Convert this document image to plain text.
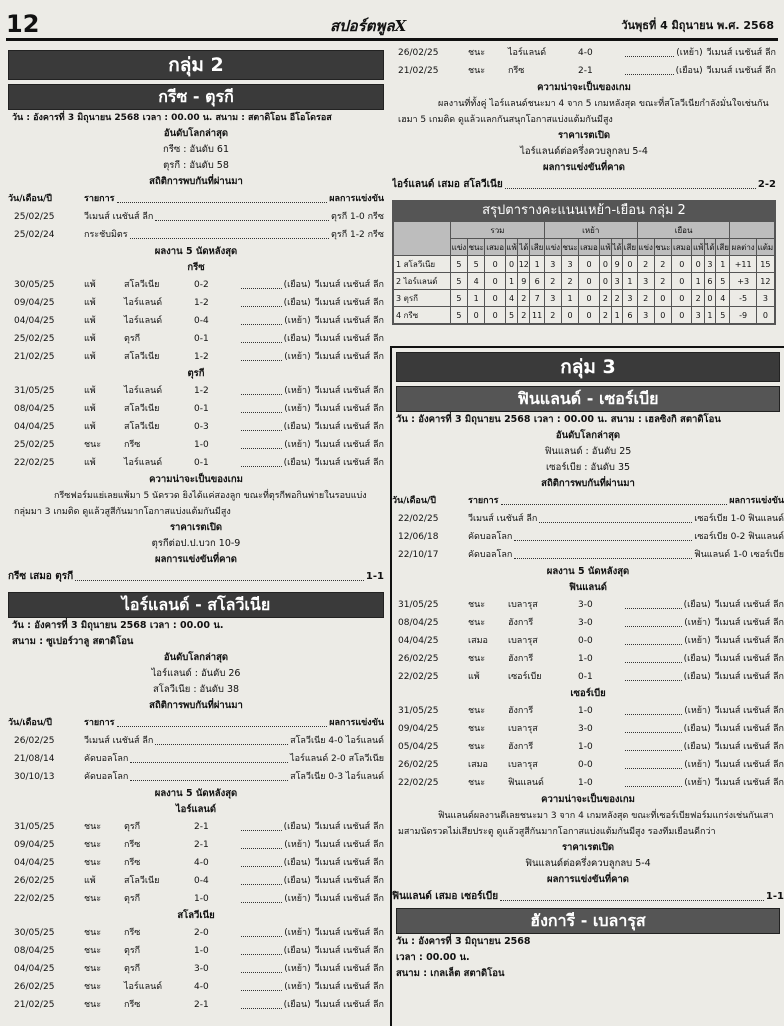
12	สปอร์ตพูลX	วันพุธที่ 4 มิถุนายน พ.ศ. 2568
กลุ่ม 2
กรีซ - ตุรกี
วัน : อังคารที่ 3 มิถุนายน 2568 เวลา : 00.00 น. สนาม : สตาดิโอน อีโอโดรอส
อันดับโลกล่าสุด
กรีซ : อันดับ 61
ตุรกี : อันดับ 58
สถิติการพบกันที่ผ่านมา
วัน/เดือน/ปี	รายการ	ผลการแข่งขัน
25/02/25	วีเมนส์ เนชันส์ ลีก	ตุรกี 1-0 กรีซ
25/02/24	กระชับมิตร	ตุรกี 1-2 กรีซ
ผลงาน 5 นัดหลังสุด
กรีซ
30/05/25	แพ้	สโลวีเนีย	0-2	(เยือน) วีเมนส์ เนชันส์ ลีก
09/04/25	แพ้	ไอร์แลนด์	1-2	(เยือน) วีเมนส์ เนชันส์ ลีก
04/04/25	แพ้	ไอร์แลนด์	0-4	(เหย้า) วีเมนส์ เนชันส์ ลีก
25/02/25	แพ้	ตุรกี	0-1	(เยือน) วีเมนส์ เนชันส์ ลีก
21/02/25	แพ้	สโลวีเนีย	1-2	(เหย้า) วีเมนส์ เนชันส์ ลีก
ตุรกี
31/05/25	แพ้	ไอร์แลนด์	1-2	(เหย้า) วีเมนส์ เนชันส์ ลีก
08/04/25	แพ้	สโลวีเนีย	0-1	(เหย้า) วีเมนส์ เนชันส์ ลีก
04/04/25	แพ้	สโลวีเนีย	0-3	(เยือน) วีเมนส์ เนชันส์ ลีก
25/02/25	ชนะ	กรีซ	1-0	(เหย้า) วีเมนส์ เนชันส์ ลีก
22/02/25	แพ้	ไอร์แลนด์	0-1	(เยือน) วีเมนส์ เนชันส์ ลีก
ความน่าจะเป็นของเกม
กรีซฟอร์มแย่เลยแพ้มา 5 นัดรวด ยิงได้แค่สองลูก ขณะที่ตุรกีพอกินพ่ายในรอบแบ่งกลุ่มมา 3 เกมติด ดูแล้วสูสีกันมากโอกาสแบ่งแต้มกันมีสูง
ราคาเรตเปิด
ตุรกีต่อป.ป.บวก 10-9
ผลการแข่งขันที่คาด
กรีซ เสมอ ตุรกี	1-1
ไอร์แลนด์ - สโลวีเนีย
วัน : อังคารที่ 3 มิถุนายน 2568 เวลา : 00.00 น.
สนาม : ซูเปอร์วาลู สตาดิโอน
อันดับโลกล่าสุด
ไอร์แลนด์ : อันดับ 26
สโลวีเนีย : อันดับ 38
สถิติการพบกันที่ผ่านมา
วัน/เดือน/ปี	รายการ	ผลการแข่งขัน
26/02/25	วีเมนส์ เนชันส์ ลีก	สโลวีเนีย 4-0 ไอร์แลนด์
21/08/14	คัดบอลโลก	ไอร์แลนด์ 2-0 สโลวีเนีย
30/10/13	คัดบอลโลก	สโลวีเนีย 0-3 ไอร์แลนด์
ผลงาน 5 นัดหลังสุด
ไอร์แลนด์
31/05/25	ชนะ	ตุรกี	2-1	(เยือน) วีเมนส์ เนชันส์ ลีก
09/04/25	ชนะ	กรีซ	2-1	(เหย้า) วีเมนส์ เนชันส์ ลีก
04/04/25	ชนะ	กรีซ	4-0	(เยือน) วีเมนส์ เนชันส์ ลีก
26/02/25	แพ้	สโลวีเนีย	0-4	(เยือน) วีเมนส์ เนชันส์ ลีก
22/02/25	ชนะ	ตุรกี	1-0	(เหย้า) วีเมนส์ เนชันส์ ลีก
สโลวีเนีย
30/05/25	ชนะ	กรีซ	2-0	(เหย้า) วีเมนส์ เนชันส์ ลีก
08/04/25	ชนะ	ตุรกี	1-0	(เยือน) วีเมนส์ เนชันส์ ลีก
04/04/25	ชนะ	ตุรกี	3-0	(เหย้า) วีเมนส์ เนชันส์ ลีก
26/02/25	ชนะ	ไอร์แลนด์	4-0	(เหย้า) วีเมนส์ เนชันส์ ลีก
21/02/25	ชนะ	กรีซ	2-1	(เยือน) วีเมนส์ เนชันส์ ลีก
26/02/25	ชนะ	ไอร์แลนด์	4-0	(เหย้า) วีเมนส์ เนชันส์ ลีก
21/02/25	ชนะ	กรีซ	2-1	(เยือน) วีเมนส์ เนชันส์ ลีก
ความน่าจะเป็นของเกม
ผลงานที่ทั้งคู่ ไอร์แลนด์ชนะมา 4 จาก 5 เกมหลังสุด ขณะที่สโลวีเนียกำลังมั่นใจเช่นกันเฮมา 5 เกมติด ดูแล้วแลกกันสนุกโอกาสแบ่งแต้มกันมีสูง
ราคาเรตเปิด
ไอร์แลนด์ต่อครึ่งควบลูกลบ 5-4
ผลการแข่งขันที่คาด
ไอร์แลนด์ เสมอ สโลวีเนีย	2-2
สรุปตารางคะแนนเหย้า-เยือน กลุ่ม 2
	รวม						เหย้า						เยือน							
	แข่ง	ชนะ	เสมอ	แพ้	ได้	เสีย	แข่ง	ชนะ	เสมอ	แพ้	ได้	เสีย	แข่ง	ชนะ	เสมอ	แพ้	ได้	เสีย	ผลต่าง	แต้ม
1 สโลวีเนีย	5	5	0	0	12	1	3	3	0	0	9	0	2	2	0	0	3	1	+11	15
2 ไอร์แลนด์	5	4	0	1	9	6	2	2	0	0	3	1	3	2	0	1	6	5	+3	12
3 ตุรกี	5	1	0	4	2	7	3	1	0	2	2	3	2	0	0	2	0	4	-5	3
4 กรีซ	5	0	0	5	2	11	2	0	0	2	1	6	3	0	0	3	1	5	-9	0
กลุ่ม 3
ฟินแลนด์ - เซอร์เบีย
วัน : อังคารที่ 3 มิถุนายน 2568 เวลา : 00.00 น. สนาม : เฮลซิงกิ สตาดิโอน
อันดับโลกล่าสุด
ฟินแลนด์ : อันดับ 25
เซอร์เบีย : อันดับ 35
สถิติการพบกันที่ผ่านมา
วัน/เดือน/ปี	รายการ	ผลการแข่งขัน
22/02/25	วีเมนส์ เนชันส์ ลีก	เซอร์เบีย 1-0 ฟินแลนด์
12/06/18	คัดบอลโลก	เซอร์เบีย 0-2 ฟินแลนด์
22/10/17	คัดบอลโลก	ฟินแลนด์ 1-0 เซอร์เบีย
ผลงาน 5 นัดหลังสุด
ฟินแลนด์
31/05/25	ชนะ	เบลารุส	3-0	(เยือน) วีเมนส์ เนชันส์ ลีก
08/04/25	ชนะ	ฮังการี	3-0	(เหย้า) วีเมนส์ เนชันส์ ลีก
04/04/25	เสมอ	เบลารุส	0-0	(เหย้า) วีเมนส์ เนชันส์ ลีก
26/02/25	ชนะ	ฮังการี	1-0	(เยือน) วีเมนส์ เนชันส์ ลีก
22/02/25	แพ้	เซอร์เบีย	0-1	(เยือน) วีเมนส์ เนชันส์ ลีก
เซอร์เบีย
31/05/25	ชนะ	ฮังการี	1-0	(เหย้า) วีเมนส์ เนชันส์ ลีก
09/04/25	ชนะ	เบลารุส	3-0	(เยือน) วีเมนส์ เนชันส์ ลีก
05/04/25	ชนะ	ฮังการี	1-0	(เยือน) วีเมนส์ เนชันส์ ลีก
26/02/25	เสมอ	เบลารุส	0-0	(เหย้า) วีเมนส์ เนชันส์ ลีก
22/02/25	ชนะ	ฟินแลนด์	1-0	(เหย้า) วีเมนส์ เนชันส์ ลีก
ความน่าจะเป็นของเกม
ฟินแลนด์ผลงานดีเลยชนะมา 3 จาก 4 เกมหลังสุด ขณะที่เซอร์เบียฟอร์มแกร่งเช่นกันเสามสามนัดรวดไม่เสียประตู ดูแล้วสูสีกันมากโอกาสแบ่งแต้มกันมีสูง รองทีมเยือนดีกว่า
ราคาเรตเปิด
ฟินแลนด์ต่อครึ่งควบลูกลบ 5-4
ผลการแข่งขันที่คาด
ฟินแลนด์ เสมอ เซอร์เบีย	1-1
ฮังการี - เบลารุส
วัน : อังคารที่ 3 มิถุนายน 2568
เวลา : 00.00 น.
สนาม : เกลเล็ต สตาดิโอน
